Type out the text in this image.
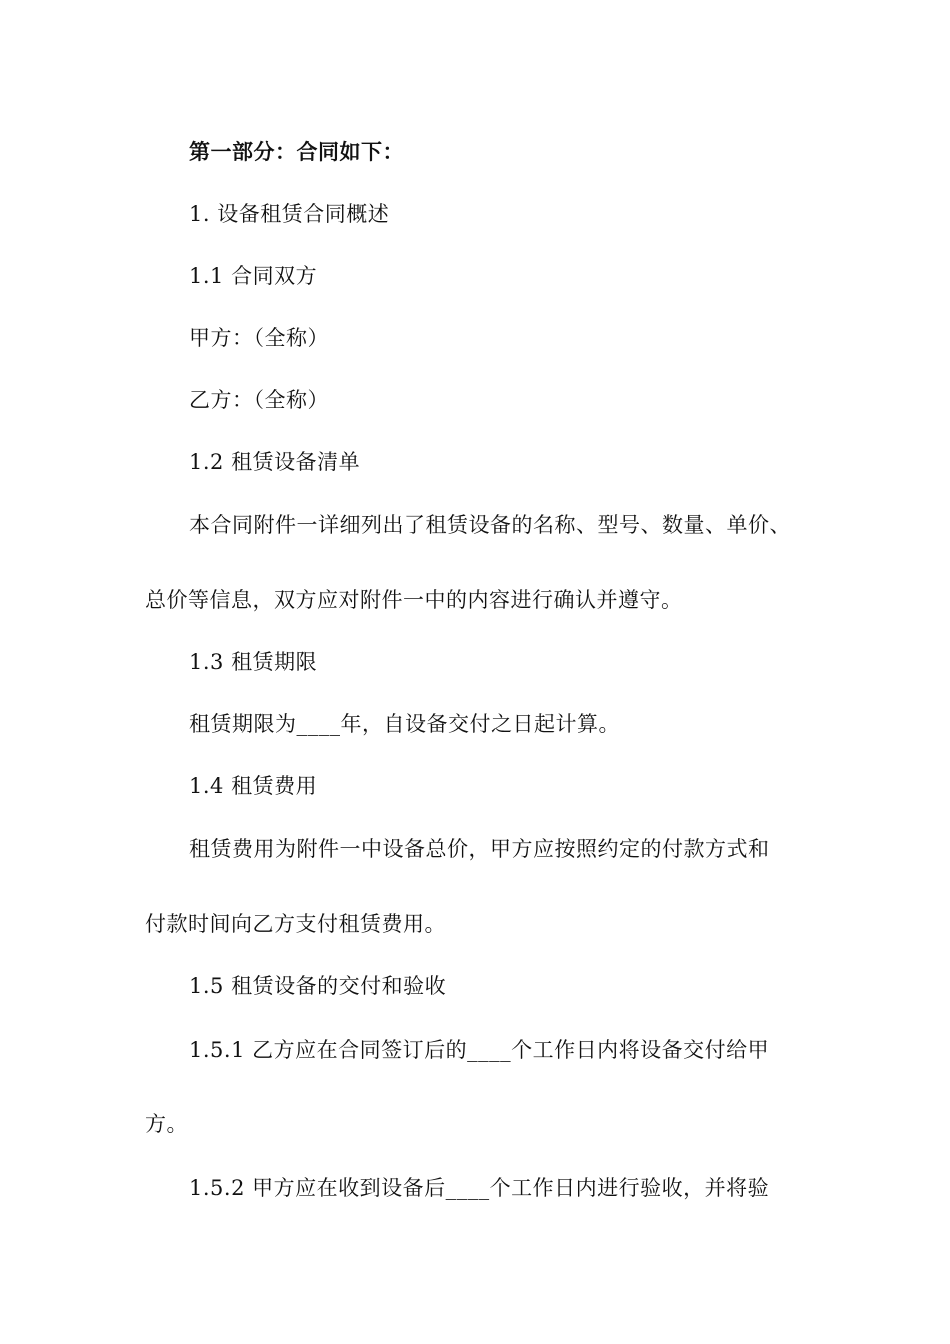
第一部分：合同如下：
1. 设备租赁合同概述
1.1 合同双方
甲方：（全称）
乙方：（全称）
1.2 租赁设备清单
本合同附件一详细列出了租赁设备的名称、型号、数量、单价、
总价等信息，双方应对附件一中的内容进行确认并遵守。
1.3 租赁期限
租赁期限为____年，自设备交付之日起计算。
1.4 租赁费用
租赁费用为附件一中设备总价，甲方应按照约定的付款方式和
付款时间向乙方支付租赁费用。
1.5 租赁设备的交付和验收
1.5.1 乙方应在合同签订后的____个工作日内将设备交付给甲
方。
1.5.2 甲方应在收到设备后____个工作日内进行验收，并将验
